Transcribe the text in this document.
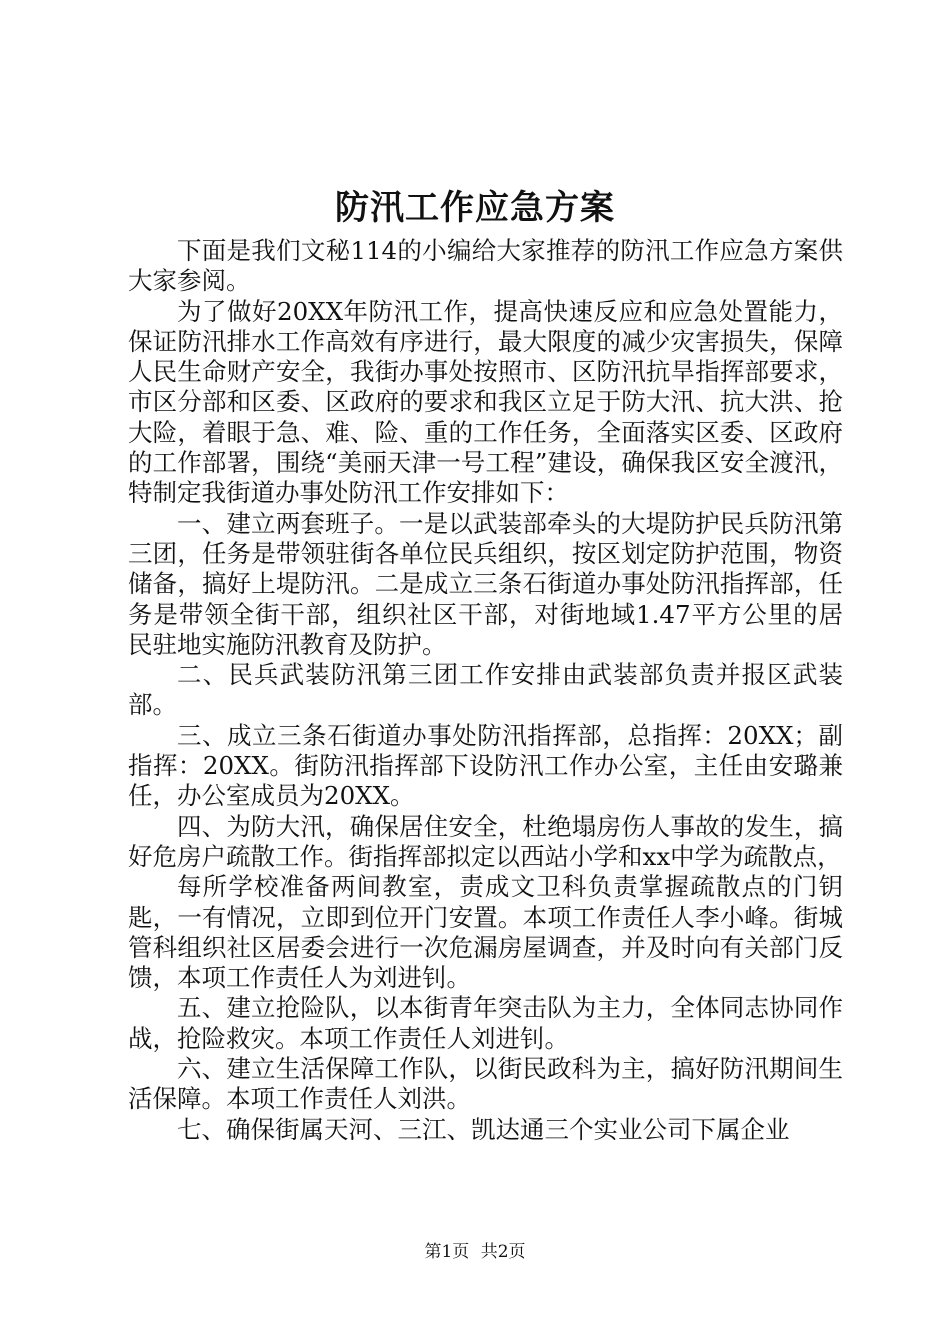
防汛工作应急方案

下面是我们文秘114的小编给大家推荐的防汛工作应急方案供大家参阅。

为了做好20XX年防汛工作，提高快速反应和应急处置能力，保证防汛排水工作高效有序进行，最大限度的减少灾害损失，保障人民生命财产安全，我街办事处按照市、区防汛抗旱指挥部要求，市区分部和区委、区政府的要求和我区立足于防大汛、抗大洪、抢大险，着眼于急、难、险、重的工作任务，全面落实区委、区政府的工作部署，围绕“美丽天津一号工程”建设，确保我区安全渡汛，特制定我街道办事处防汛工作安排如下：

一、建立两套班子。一是以武装部牵头的大堤防护民兵防汛第三团，任务是带领驻街各单位民兵组织，按区划定防护范围，物资储备，搞好上堤防汛。二是成立三条石街道办事处防汛指挥部，任务是带领全街干部，组织社区干部，对街地域1.47平方公里的居民驻地实施防汛教育及防护。

二、民兵武装防汛第三团工作安排由武装部负责并报区武装部。

三、成立三条石街道办事处防汛指挥部，总指挥：20XX；副指挥：20XX。街防汛指挥部下设防汛工作办公室，主任由安璐兼任，办公室成员为20XX。

四、为防大汛，确保居住安全，杜绝塌房伤人事故的发生，搞好危房户疏散工作。街指挥部拟定以西站小学和xx中学为疏散点，

每所学校准备两间教室，责成文卫科负责掌握疏散点的门钥匙，一有情况，立即到位开门安置。本项工作责任人李小峰。街城管科组织社区居委会进行一次危漏房屋调查，并及时向有关部门反馈，本项工作责任人为刘进钊。

五、建立抢险队，以本街青年突击队为主力，全体同志协同作战，抢险救灾。本项工作责任人刘进钊。

六、建立生活保障工作队，以街民政科为主，搞好防汛期间生活保障。本项工作责任人刘洪。

七、确保街属天河、三江、凯达通三个实业公司下属企业

第1页 共2页
